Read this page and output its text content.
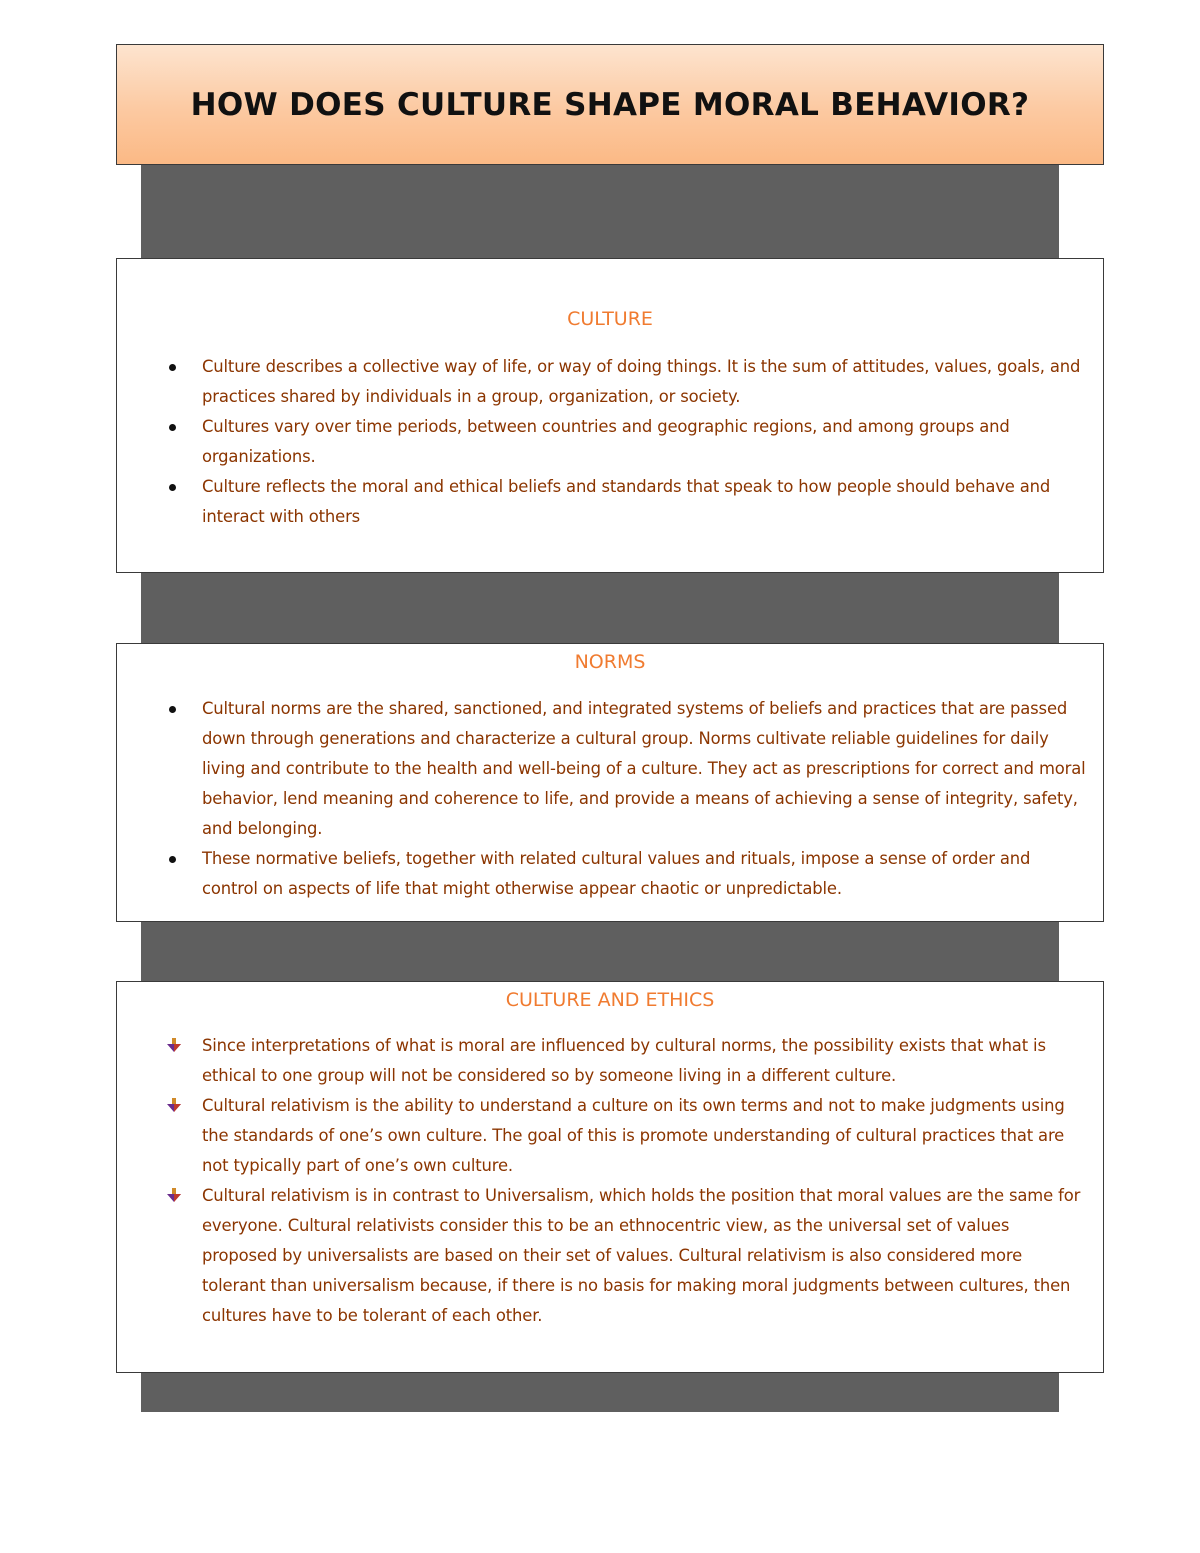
HOW DOES CULTURE SHAPE MORAL BEHAVIOR?
CULTURE
Culture describes a collective way of life, or way of doing things. It is the sum of attitudes, values, goals, and practices shared by individuals in a group, organization, or society.
Cultures vary over time periods, between countries and geographic regions, and among groups and organizations.
Culture reflects the moral and ethical beliefs and standards that speak to how people should behave and interact with others
NORMS
Cultural norms are the shared, sanctioned, and integrated systems of beliefs and practices that are passed down through generations and characterize a cultural group. Norms cultivate reliable guidelines for daily living and contribute to the health and well-being of a culture. They act as prescriptions for correct and moral behavior, lend meaning and coherence to life, and provide a means of achieving a sense of integrity, safety, and belonging.
These normative beliefs, together with related cultural values and rituals, impose a sense of order and control on aspects of life that might otherwise appear chaotic or unpredictable.
CULTURE AND ETHICS
Since interpretations of what is moral are influenced by cultural norms, the possibility exists that what is ethical to one group will not be considered so by someone living in a different culture.
Cultural relativism is the ability to understand a culture on its own terms and not to make judgments using the standards of one’s own culture. The goal of this is promote understanding of cultural practices that are not typically part of one’s own culture.
Cultural relativism is in contrast to Universalism, which holds the position that moral values are the same for everyone. Cultural relativists consider this to be an ethnocentric view, as the universal set of values proposed by universalists are based on their set of values. Cultural relativism is also considered more tolerant than universalism because, if there is no basis for making moral judgments between cultures, then cultures have to be tolerant of each other.
